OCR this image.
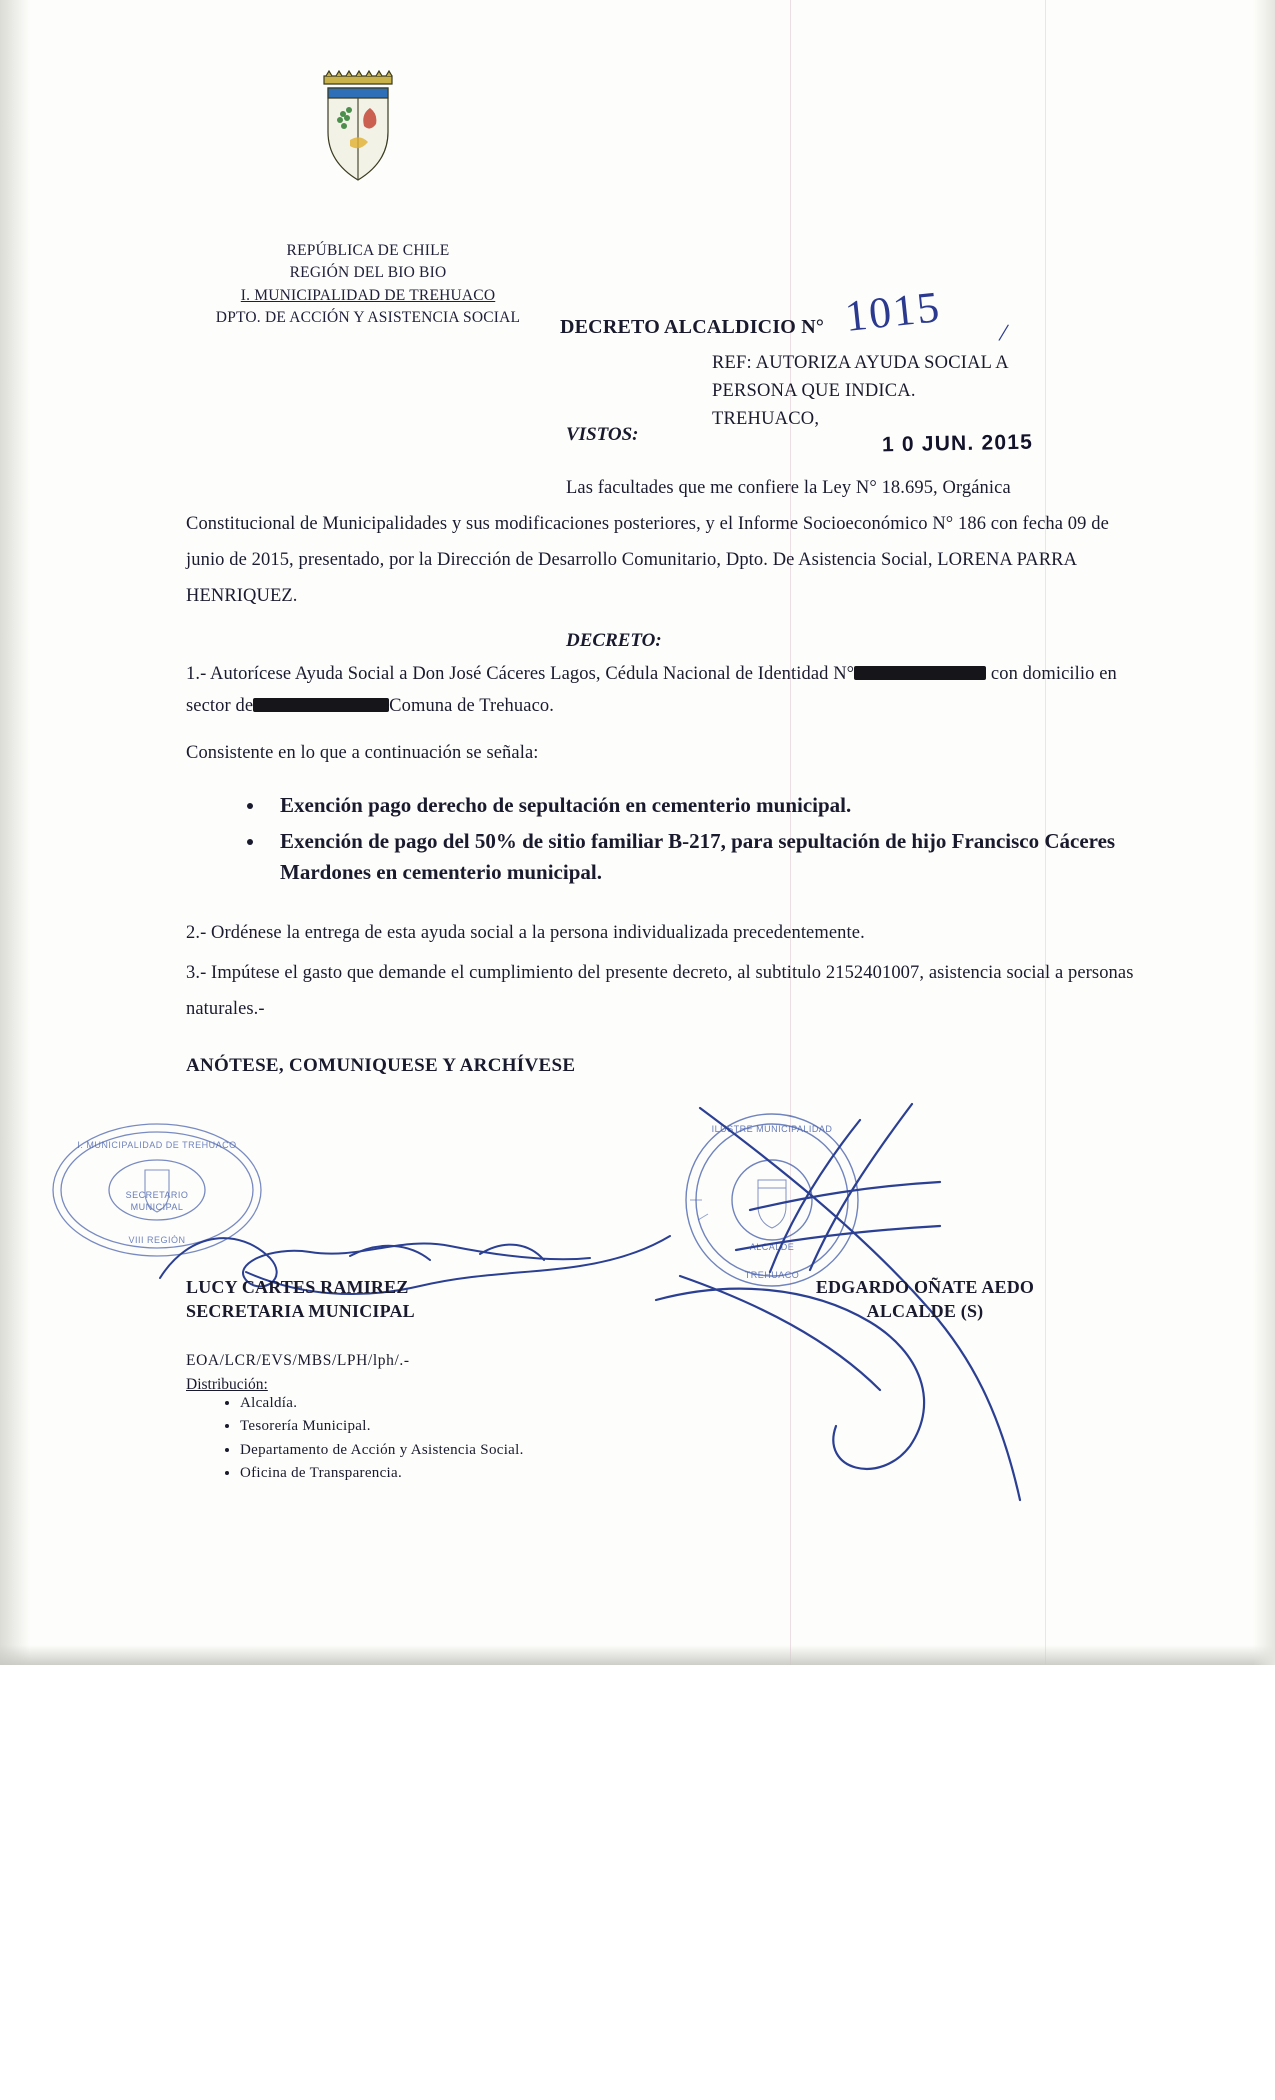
REPÚBLICA DE CHILE
REGIÓN DEL BIO BIO
I. MUNICIPALIDAD DE TREHUACO
DPTO. DE ACCIÓN Y ASISTENCIA SOCIAL	DECRETO ALCALDICIO N° 1015 /
REF: AUTORIZA AYUDA SOCIAL A
PERSONA QUE INDICA.
TREHUACO,
VISTOS:	1 0 JUN. 2015
Las facultades que me confiere la Ley N° 18.695, Orgánica Constitucional de Municipalidades y sus modificaciones posteriores, y el Informe Socioeconómico N° 186 con fecha 09 de junio de 2015, presentado, por la Dirección de Desarrollo Comunitario, Dpto. De Asistencia Social, LORENA PARRA HENRIQUEZ.
DECRETO:
1.- Autorícese Ayuda Social a Don José Cáceres Lagos, Cédula Nacional de Identidad N°	con domicilio en sector de	Comuna de Trehuaco.
Consistente en lo que a continuación se señala:
• Exención pago derecho de sepultación en cementerio municipal.
• Exención de pago del 50% de sitio familiar B-217, para sepultación de hijo Francisco Cáceres Mardones en cementerio municipal.
2.- Ordénese la entrega de esta ayuda social a la persona individualizada precedentemente.
3.- Impútese el gasto que demande el cumplimiento del presente decreto, al subtitulo 2152401007, asistencia social a personas naturales.-
ANÓTESE, COMUNIQUESE Y ARCHÍVESE
I. MUNICIPALIDAD DE TREHUACO
SECRETARIO
MUNICIPAL
VIII REGIÓN
ILUSTRE MUNICIPALIDAD
ALCALDE
TREHUACO
LUCY CARTES RAMIREZ
SECRETARIA MUNICIPAL
EDGARDO OÑATE AEDO
ALCALDE (S)
EOA/LCR/EVS/MBS/LPH/lph/.-
Distribución:
• Alcaldía.
• Tesorería Municipal.
• Departamento de Acción y Asistencia Social.
• Oficina de Transparencia.
